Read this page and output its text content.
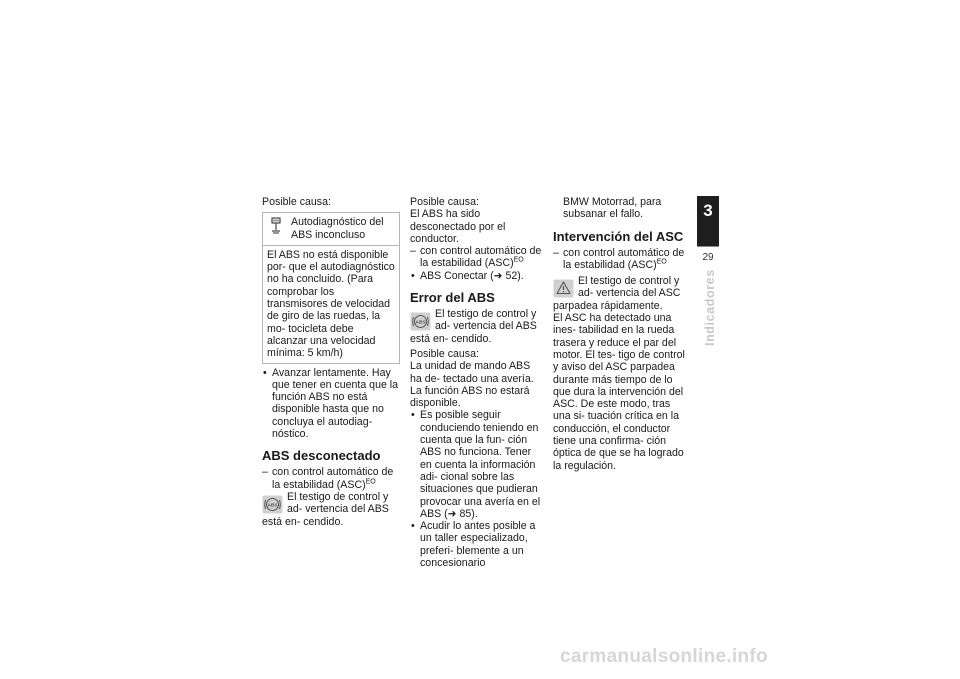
Posible causa:

Autodiagnóstico del ABS inconcluso
El ABS no está disponible por- que el autodiagnóstico no ha concluido. (Para comprobar los transmisores de velocidad de giro de las ruedas, la mo- tocicleta debe alcanzar una velocidad mínima: 5 km/h)

• Avanzar lentamente. Hay que tener en cuenta que la función ABS no está disponible hasta que no concluya el autodiag- nóstico.

ABS desconectado

– con control automático de la estabilidad (ASC)$^{EO}$

ABS
El testigo de control y ad- vertencia del ABS está en- cendido.

Posible causa:

El ABS ha sido desconectado por el conductor.

– con control automático de la estabilidad (ASC)$^{EO}$

• ABS Conectar (➜ 52).

Error del ABS

ABS
El testigo de control y ad- vertencia del ABS está en- cendido.

Posible causa:

La unidad de mando ABS ha de- tectado una avería. La función ABS no estará disponible.

• Es posible seguir conduciendo teniendo en cuenta que la fun- ción ABS no funciona. Tener en cuenta la información adi- cional sobre las situaciones que pudieran provocar una avería en el ABS (➜ 85).

• Acudir lo antes posible a un taller especializado, preferi- blemente a un concesionario

BMW Motorrad, para subsanar el fallo.

Intervención del ASC

– con control automático de la estabilidad (ASC)$^{EO}$

El testigo de control y ad- vertencia del ASC parpadea rápidamente.

El ASC ha detectado una ines- tabilidad en la rueda trasera y reduce el par del motor. El tes- tigo de control y aviso del ASC parpadea durante más tiempo de lo que dura la intervención del ASC. De este modo, tras una si- tuación crítica en la conducción, el conductor tiene una confirma- ción óptica de que se ha logrado la regulación.

3
29
Indicadores
carmanualsonline.info
